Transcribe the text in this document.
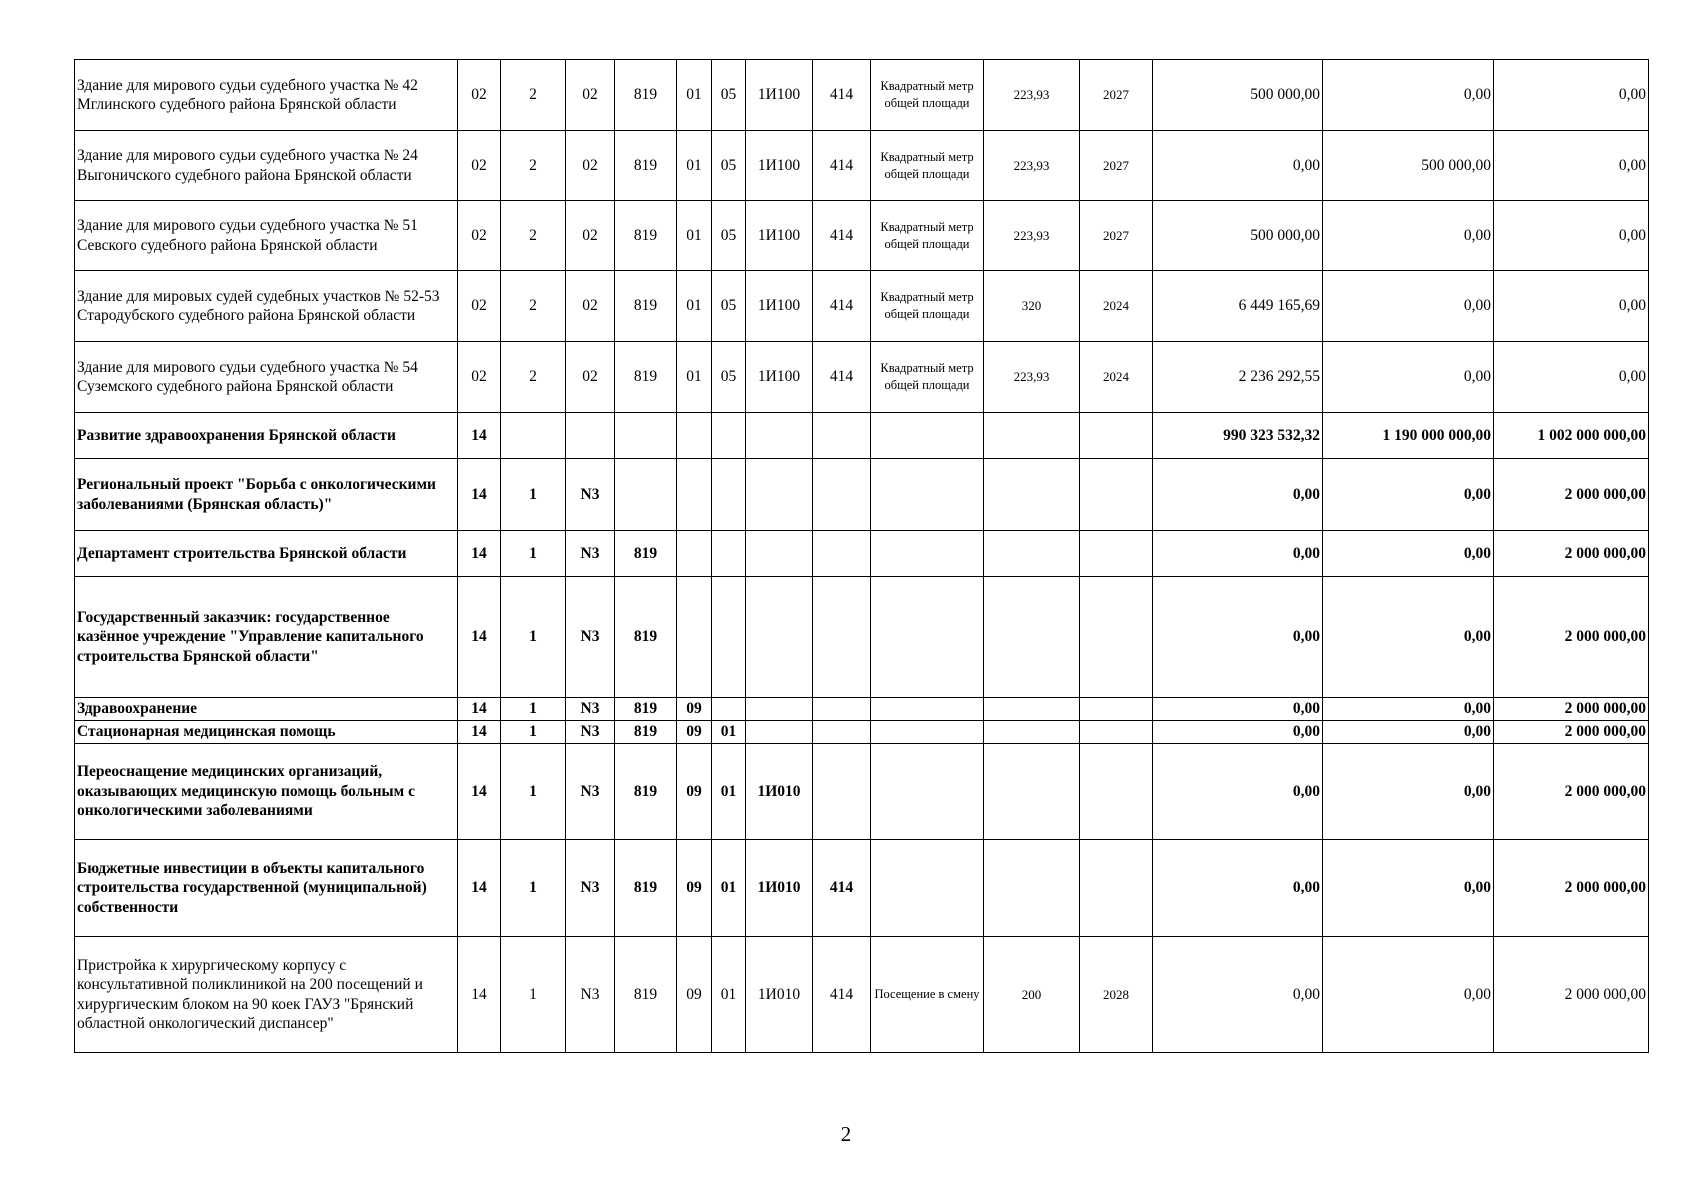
Здание для мирового судьи судебного участка № 42 Мглинского судебного района Брянской области	02	2	02	819	01	05	1И100	414	Квадратный метр общей площади	223,93	2027	500 000,00	0,00	0,00
Здание для мирового судьи судебного участка № 24 Выгоничского судебного района Брянской области	02	2	02	819	01	05	1И100	414	Квадратный метр общей площади	223,93	2027	0,00	500 000,00	0,00
Здание для мирового судьи судебного участка № 51 Севского судебного района Брянской области	02	2	02	819	01	05	1И100	414	Квадратный метр общей площади	223,93	2027	500 000,00	0,00	0,00
Здание для мировых судей судебных участков № 52-53 Стародубского судебного района Брянской области	02	2	02	819	01	05	1И100	414	Квадратный метр общей площади	320	2024	6 449 165,69	0,00	0,00
Здание для мирового судьи судебного участка № 54 Суземского судебного района Брянской области	02	2	02	819	01	05	1И100	414	Квадратный метр общей площади	223,93	2024	2 236 292,55	0,00	0,00
Развитие здравоохранения Брянской области	14											990 323 532,32	1 190 000 000,00	1 002 000 000,00
Региональный проект "Борьба с онкологическими заболеваниями (Брянская область)"	14	1	N3									0,00	0,00	2 000 000,00
Департамент строительства Брянской области	14	1	N3	819								0,00	0,00	2 000 000,00
Государственный заказчик: государственное казённое учреждение "Управление капитального строительства Брянской области"	14	1	N3	819								0,00	0,00	2 000 000,00
Здравоохранение	14	1	N3	819	09							0,00	0,00	2 000 000,00
Стационарная медицинская помощь	14	1	N3	819	09	01						0,00	0,00	2 000 000,00
Переоснащение медицинских организаций, оказывающих медицинскую помощь больным с онкологическими заболеваниями	14	1	N3	819	09	01	1И010					0,00	0,00	2 000 000,00
Бюджетные инвестиции в объекты капитального строительства государственной (муниципальной) собственности	14	1	N3	819	09	01	1И010	414				0,00	0,00	2 000 000,00
Пристройка к хирургическому корпусу с консультативной поликлиникой на 200 посещений и хирургическим блоком на 90 коек ГАУЗ "Брянский областной онкологический диспансер"	14	1	N3	819	09	01	1И010	414	Посещение в смену	200	2028	0,00	0,00	2 000 000,00
2
